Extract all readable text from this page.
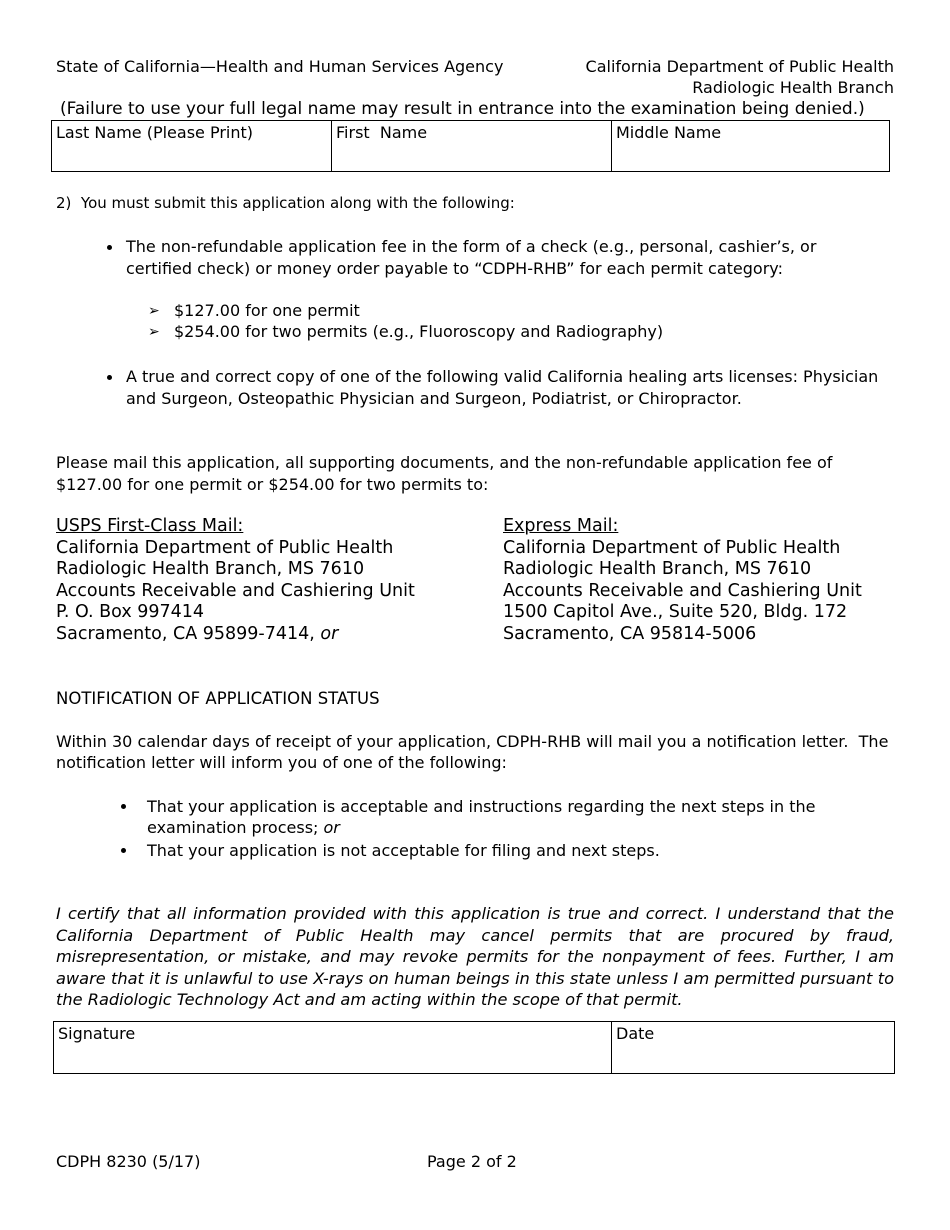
State of California—Health and Human Services Agency	California Department of Public Health
Radiologic Health Branch
(Failure to use your full legal name may result in entrance into the examination being denied.)
Last Name (Please Print)	First  Name	Middle Name
2)  You must submit this application along with the following:
The non-refundable application fee in the form of a check (e.g., personal, cashier’s, or
certified check) or money order payable to “CDPH-RHB” for each permit category:
➢ $127.00 for one permit
➢ $254.00 for two permits (e.g., Fluoroscopy and Radiography)
A true and correct copy of one of the following valid California healing arts licenses: Physician
and Surgeon, Osteopathic Physician and Surgeon, Podiatrist, or Chiropractor.
Please mail this application, all supporting documents, and the non-refundable application fee of
$127.00 for one permit or $254.00 for two permits to:
USPS First-Class Mail:
California Department of Public Health
Radiologic Health Branch, MS 7610
Accounts Receivable and Cashiering Unit
P. O. Box 997414
Sacramento, CA 95899-7414, or
Express Mail:
California Department of Public Health
Radiologic Health Branch, MS 7610
Accounts Receivable and Cashiering Unit
1500 Capitol Ave., Suite 520, Bldg. 172
Sacramento, CA 95814-5006
NOTIFICATION OF APPLICATION STATUS
Within 30 calendar days of receipt of your application, CDPH-RHB will mail you a notification letter.  The
notification letter will inform you of one of the following:
That your application is acceptable and instructions regarding the next steps in the
examination process; or
That your application is not acceptable for filing and next steps.
I certify that all information provided with this application is true and correct. I understand that the California Department of Public Health may cancel permits that are procured by fraud, misrepresentation, or mistake, and may revoke permits for the nonpayment of fees. Further, I am aware that it is unlawful to use X-rays on human beings in this state unless I am permitted pursuant to the Radiologic Technology Act and am acting within the scope of that permit.
Signature	Date
CDPH 8230 (5/17)	Page 2 of 2
